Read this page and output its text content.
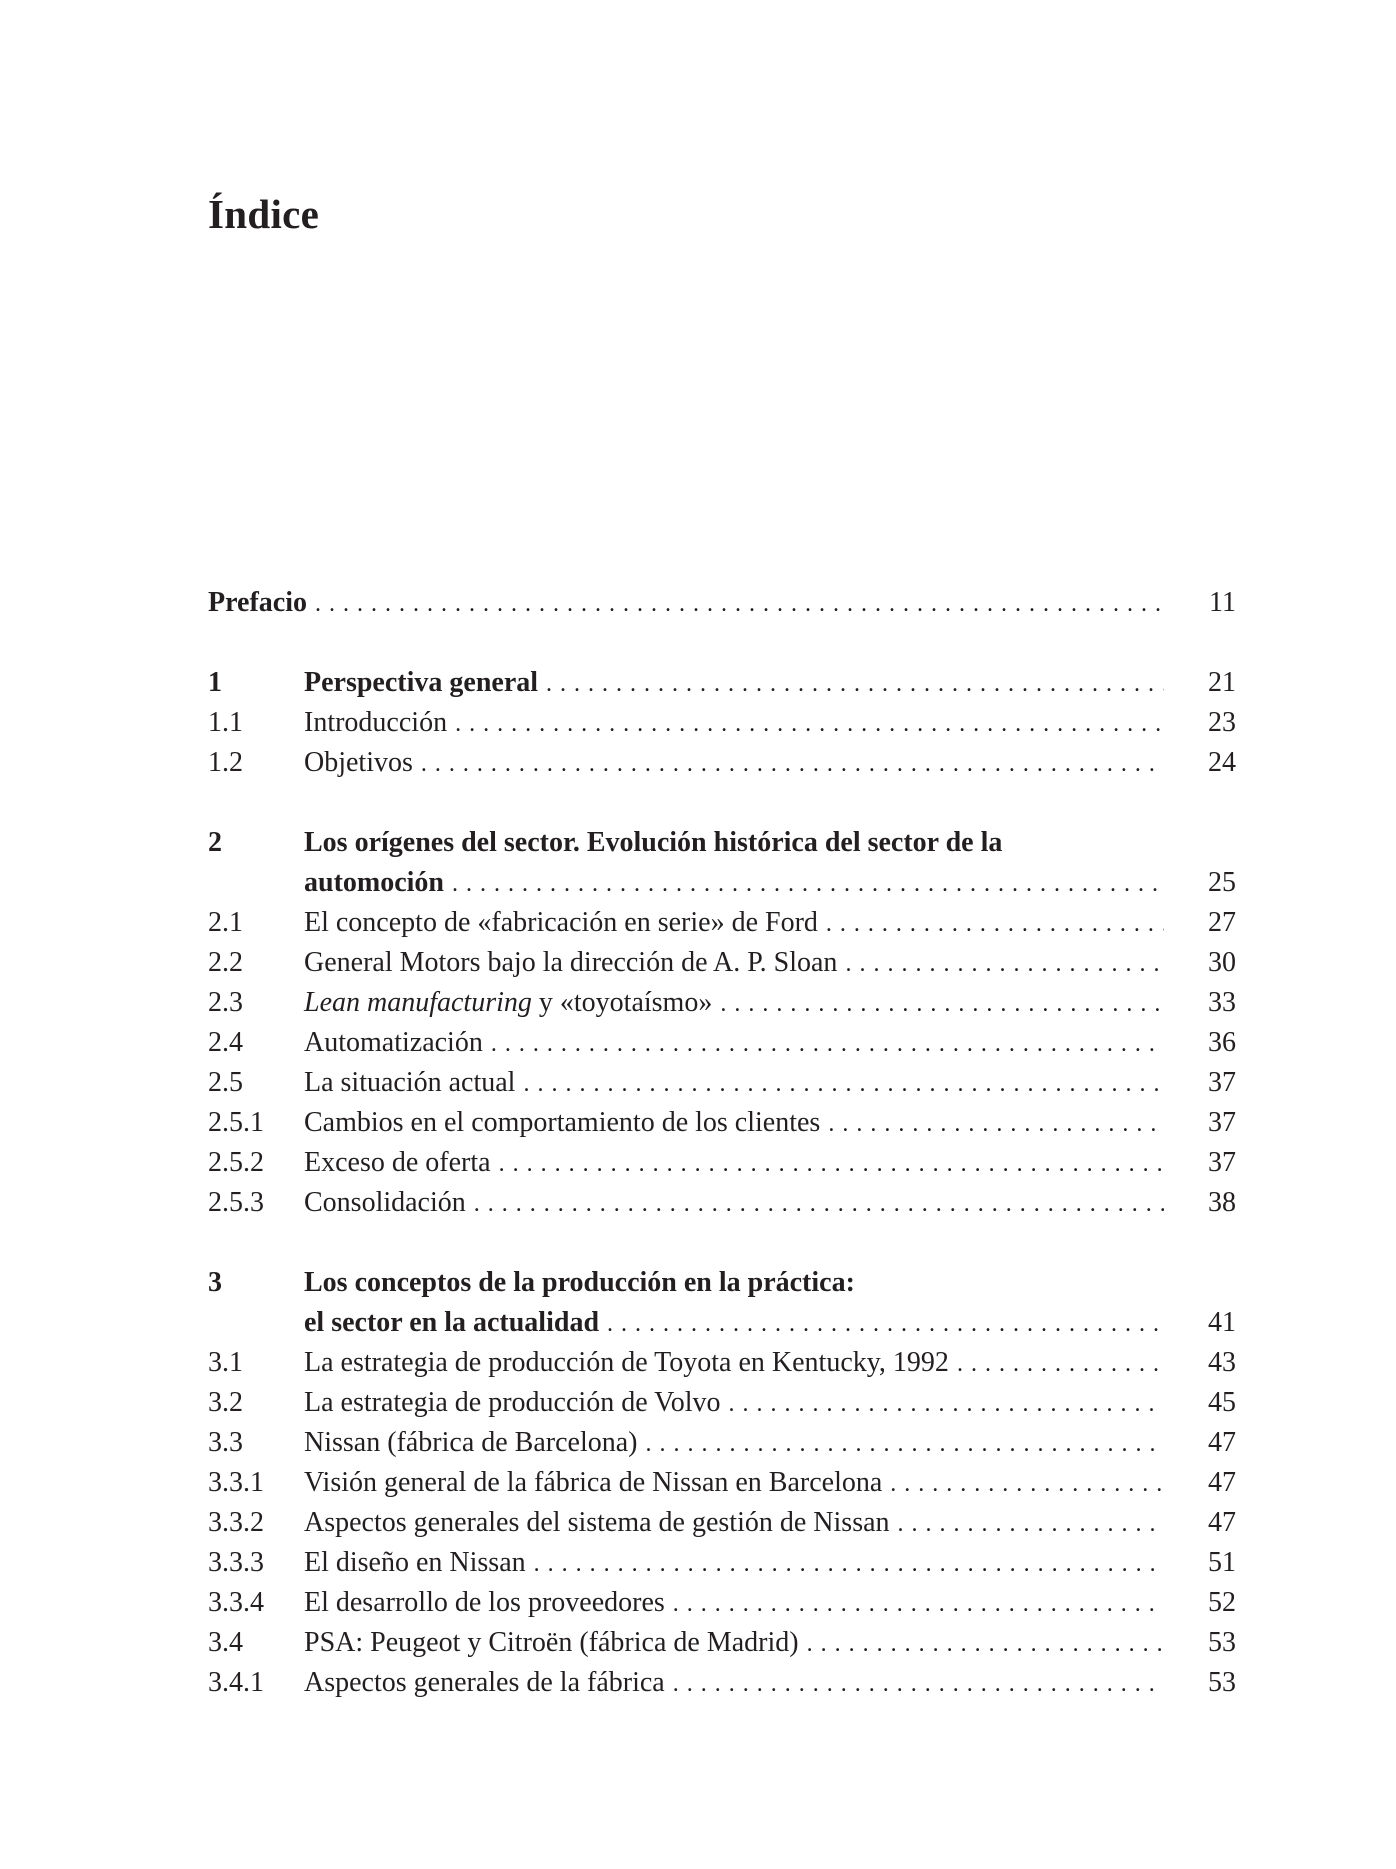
Índice
Prefacio . . .	11
1	Perspectiva general . . .	21
1.1	Introducción . . .	23
1.2	Objetivos . . .	24
2	Los orígenes del sector. Evolución histórica del sector de la
automoción . . .	25
2.1	El concepto de «fabricación en serie» de Ford . . .	27
2.2	General Motors bajo la dirección de A. P. Sloan . . .	30
2.3	Lean manufacturing y «toyotaísmo» . . .	33
2.4	Automatización . . .	36
2.5	La situación actual . . .	37
2.5.1	Cambios en el comportamiento de los clientes . . .	37
2.5.2	Exceso de oferta . . .	37
2.5.3	Consolidación . . .	38
3	Los conceptos de la producción en la práctica:
el sector en la actualidad . . .	41
3.1	La estrategia de producción de Toyota en Kentucky, 1992 . . .	43
3.2	La estrategia de producción de Volvo . . .	45
3.3	Nissan (fábrica de Barcelona) . . .	47
3.3.1	Visión general de la fábrica de Nissan en Barcelona . . .	47
3.3.2	Aspectos generales del sistema de gestión de Nissan . . .	47
3.3.3	El diseño en Nissan . . .	51
3.3.4	El desarrollo de los proveedores . . .	52
3.4	PSA: Peugeot y Citroën (fábrica de Madrid) . . .	53
3.4.1	Aspectos generales de la fábrica . . .	53
